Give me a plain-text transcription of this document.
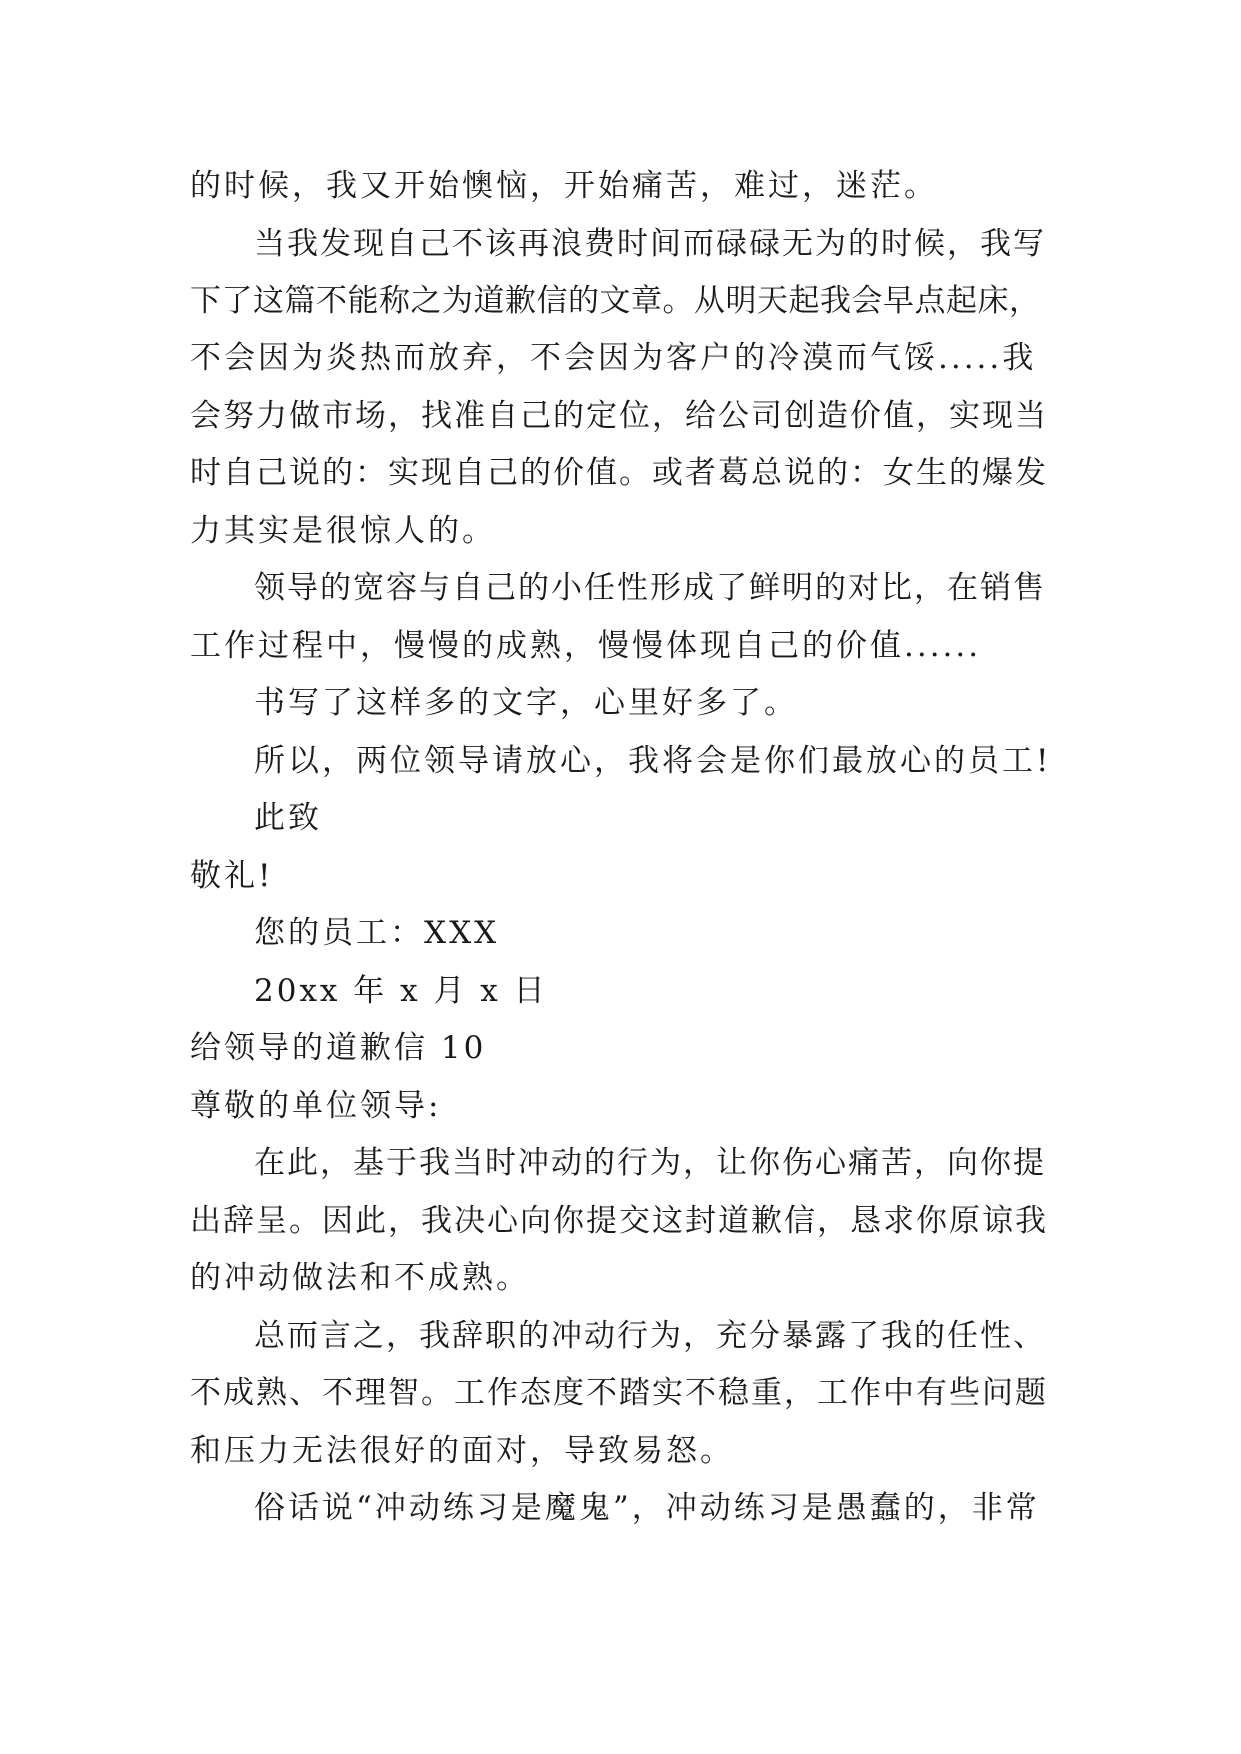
的时候，我又开始懊恼，开始痛苦，难过，迷茫。
当我发现自己不该再浪费时间而碌碌无为的时候，我写
下了这篇不能称之为道歉信的文章。从明天起我会早点起床，
不会因为炎热而放弃，不会因为客户的冷漠而气馁.....我
会努力做市场，找准自己的定位，给公司创造价值，实现当
时自己说的：实现自己的价值。或者葛总说的：女生的爆发
力其实是很惊人的。
领导的宽容与自己的小任性形成了鲜明的对比，在销售
工作过程中，慢慢的成熟，慢慢体现自己的价值......
书写了这样多的文字，心里好多了。
所以，两位领导请放心，我将会是你们最放心的员工!
此致
敬礼!
您的员工：XXX
20xx 年 x 月 x 日
给领导的道歉信 10
尊敬的单位领导:
在此，基于我当时冲动的行为，让你伤心痛苦，向你提
出辞呈。因此，我决心向你提交这封道歉信，恳求你原谅我
的冲动做法和不成熟。
总而言之，我辞职的冲动行为，充分暴露了我的任性、
不成熟、不理智。工作态度不踏实不稳重，工作中有些问题
和压力无法很好的面对，导致易怒。
俗话说“冲动练习是魔鬼”，冲动练习是愚蠢的，非常
